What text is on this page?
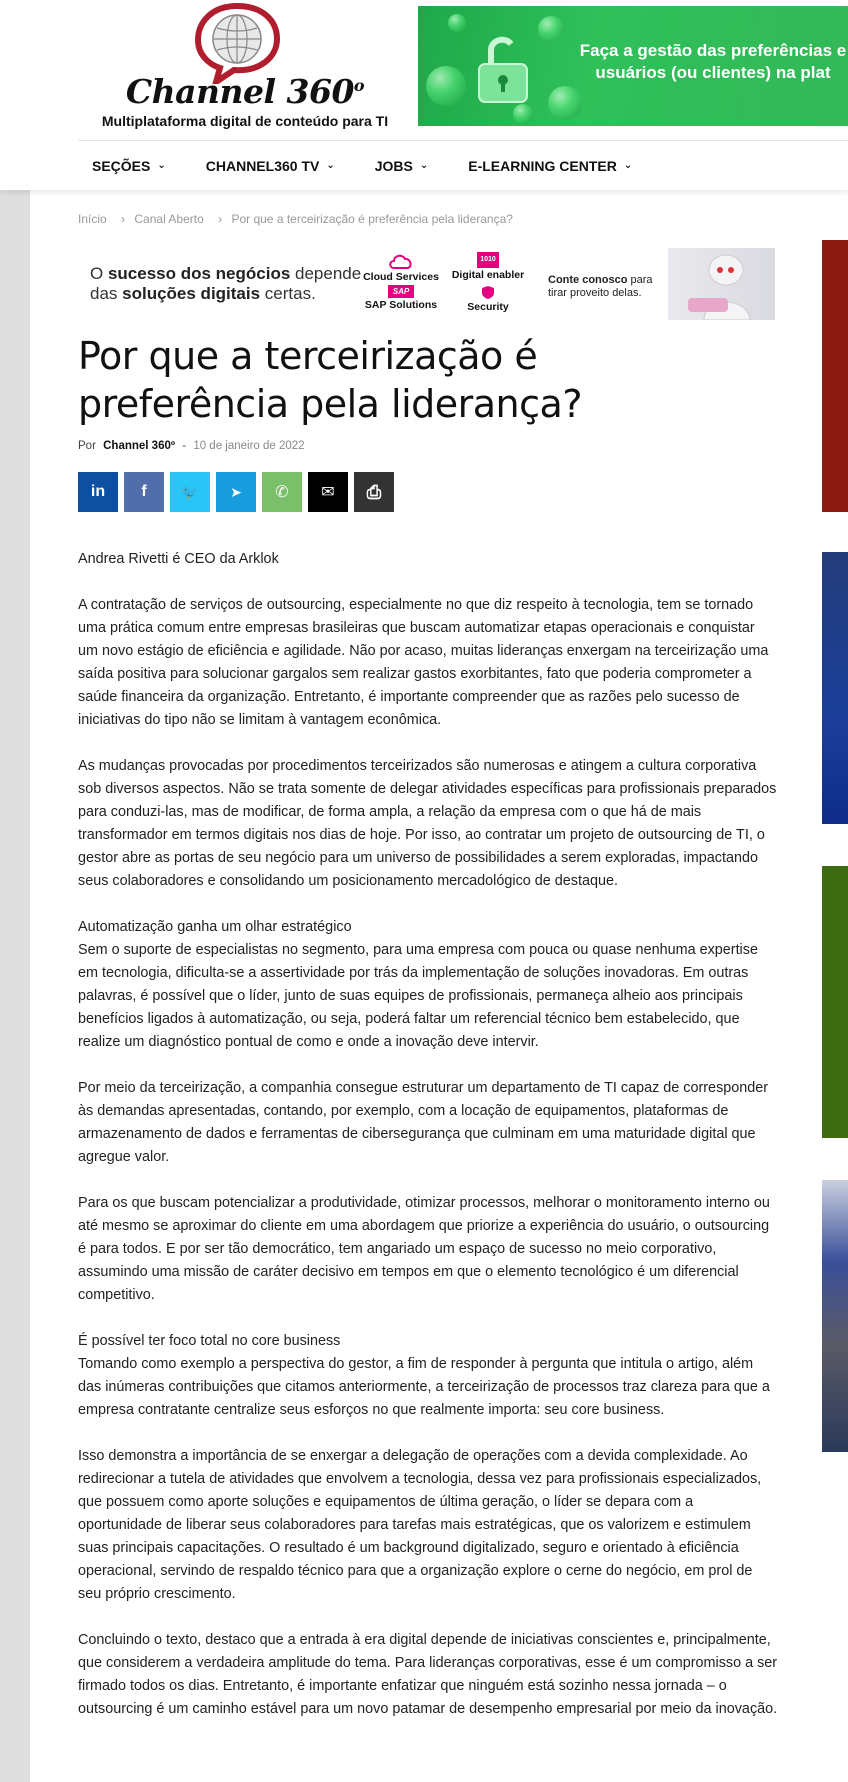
Channel 360$^o$
Multiplataforma digital de conteúdo para TI
Faça a gestão das preferências e
usuários (ou clientes) na plat
SEÇÕES ⌄	CHANNEL360 TV ⌄	JOBS ⌄	E-LEARNING CENTER ⌄
Início › Canal Aberto › Por que a terceirização é preferência pela liderança?
O sucesso dos negócios depende
das soluções digitais certas.
Cloud Services
1010
Digital enabler
SAP
SAP Solutions	Security
Conte conosco para
tirar proveito delas.
Por que a terceirização é preferência pela liderança?
Por Channel 360º - 10 de janeiro de 2022
in f 🐦 ➤ ✆ ✉ ⎙

Andrea Rivetti é CEO da Arklok

A contratação de serviços de outsourcing, especialmente no que diz respeito à tecnologia, tem se tornado uma prática comum entre empresas brasileiras que buscam automatizar etapas operacionais e conquistar um novo estágio de eficiência e agilidade. Não por acaso, muitas lideranças enxergam na terceirização uma saída positiva para solucionar gargalos sem realizar gastos exorbitantes, fato que poderia comprometer a saúde financeira da organização. Entretanto, é importante compreender que as razões pelo sucesso de iniciativas do tipo não se limitam à vantagem econômica.

As mudanças provocadas por procedimentos terceirizados são numerosas e atingem a cultura corporativa sob diversos aspectos. Não se trata somente de delegar atividades específicas para profissionais preparados para conduzi-las, mas de modificar, de forma ampla, a relação da empresa com o que há de mais transformador em termos digitais nos dias de hoje. Por isso, ao contratar um projeto de outsourcing de TI, o gestor abre as portas de seu negócio para um universo de possibilidades a serem exploradas, impactando seus colaboradores e consolidando um posicionamento mercadológico de destaque.

Automatização ganha um olhar estratégico
Sem o suporte de especialistas no segmento, para uma empresa com pouca ou quase nenhuma expertise em tecnologia, dificulta-se a assertividade por trás da implementação de soluções inovadoras. Em outras palavras, é possível que o líder, junto de suas equipes de profissionais, permaneça alheio aos principais benefícios ligados à automatização, ou seja, poderá faltar um referencial técnico bem estabelecido, que realize um diagnóstico pontual de como e onde a inovação deve intervir.

Por meio da terceirização, a companhia consegue estruturar um departamento de TI capaz de corresponder às demandas apresentadas, contando, por exemplo, com a locação de equipamentos, plataformas de armazenamento de dados e ferramentas de cibersegurança que culminam em uma maturidade digital que agregue valor.

Para os que buscam potencializar a produtividade, otimizar processos, melhorar o monitoramento interno ou até mesmo se aproximar do cliente em uma abordagem que priorize a experiência do usuário, o outsourcing é para todos. E por ser tão democrático, tem angariado um espaço de sucesso no meio corporativo, assumindo uma missão de caráter decisivo em tempos em que o elemento tecnológico é um diferencial competitivo.

É possível ter foco total no core business
Tomando como exemplo a perspectiva do gestor, a fim de responder à pergunta que intitula o artigo, além das inúmeras contribuições que citamos anteriormente, a terceirização de processos traz clareza para que a empresa contratante centralize seus esforços no que realmente importa: seu core business.

Isso demonstra a importância de se enxergar a delegação de operações com a devida complexidade. Ao redirecionar a tutela de atividades que envolvem a tecnologia, dessa vez para profissionais especializados, que possuem como aporte soluções e equipamentos de última geração, o líder se depara com a oportunidade de liberar seus colaboradores para tarefas mais estratégicas, que os valorizem e estimulem suas principais capacitações. O resultado é um background digitalizado, seguro e orientado à eficiência operacional, servindo de respaldo técnico para que a organização explore o cerne do negócio, em prol de seu próprio crescimento.

Concluindo o texto, destaco que a entrada à era digital depende de iniciativas conscientes e, principalmente, que considerem a verdadeira amplitude do tema. Para lideranças corporativas, esse é um compromisso a ser firmado todos os dias. Entretanto, é importante enfatizar que ninguém está sozinho nessa jornada – o outsourcing é um caminho estável para um novo patamar de desempenho empresarial por meio da inovação.
